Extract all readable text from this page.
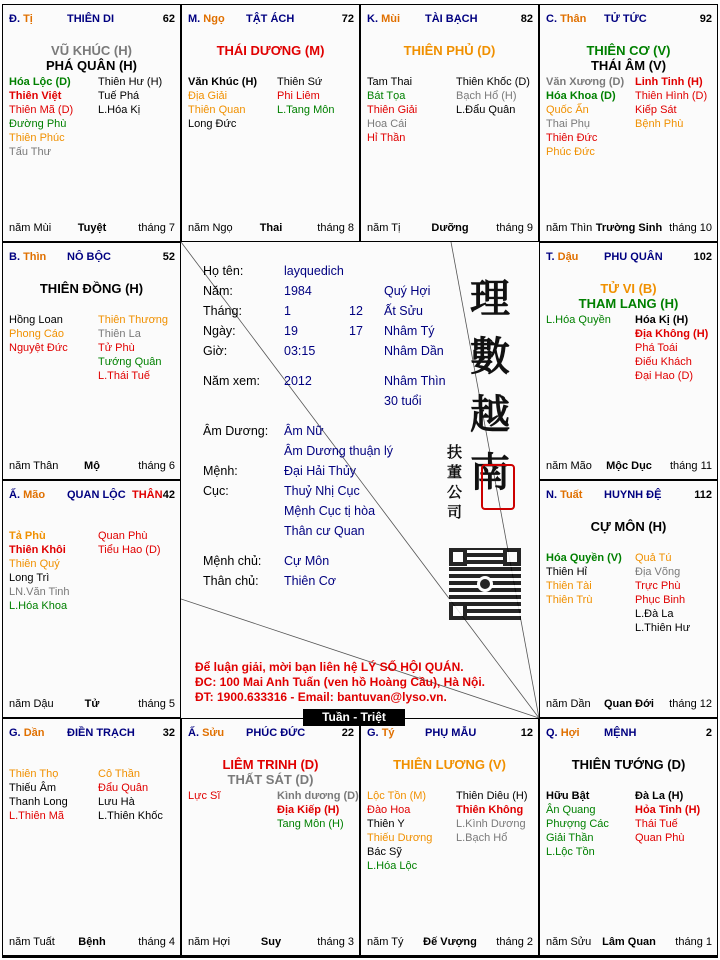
Đ. Tị	THIÊN DI	62
VŨ KHÚC (H)
PHÁ QUÂN (H)
Hóa Lộc (D)
Thiên Việt
Thiên Mã (D)
Đường Phù
Thiên Phúc
Tấu Thư
Thiên Hư (H)
Tuế Phá
L.Hóa Kị
năm Mùi	Tuyệt	tháng 7
M. Ngọ TẬT ÁCH	72
THÁI DƯƠNG (M)
Văn Khúc (H)
Địa Giải
Thiên Quan
Long Đức
Thiên Sứ
Phi Liêm
L.Tang Môn
năm Ngọ	Thai	tháng 8
K. Mùi TÀI BẠCH	82
THIÊN PHỦ (D)
Tam Thai
Bát Tọa
Thiên Giải
Hoa Cái
Hỉ Thần
Thiên Khốc (D)
Bạch Hổ (H)
L.Đẩu Quân
năm Tị	Dưỡng	tháng 9
C. Thân TỬ TỨC	92
THIÊN CƠ (V)
THÁI ÂM (V)
Văn Xương (D)
Hóa Khoa (D)
Quốc Ấn
Thai Phụ
Thiên Đức
Phúc Đức
Linh Tinh (H)
Thiên Hình (D)
Kiếp Sát
Bệnh Phù
năm Thìn Trường Sinh tháng 10
B. Thìn NÔ BỘC	52
THIÊN ĐỒNG (H)
Hồng Loan
Phong Cáo
Nguyệt Đức
Thiên Thương
Thiên La
Tử Phù
Tướng Quân
L.Thái Tuế
năm Thân	Mộ	tháng 6
T. Dậu PHU QUÂN	102
TỬ VI (B)
THAM LANG (H)
L.Hóa Quyền Hóa Kị (H)
Địa Không (H)
Phá Toái
Điếu Khách
Đại Hao (D)
năm Mão	Mộc Dục	tháng 11
Ấ. Mão QUAN LỘC THÂN 42
Tả Phù
Thiên Khôi
Thiên Quý
Long Trì
LN.Văn Tinh
L.Hóa Khoa
Quan Phù
Tiểu Hao (D)
năm Dậu	Tử	tháng 5
N. Tuất HUYNH ĐỆ	112
CỰ MÔN (H)
Hóa Quyền (V)
Thiên Hỉ
Thiên Tài
Thiên Trù
Quả Tú
Địa Võng
Trực Phù
Phục Binh
L.Đà La
L.Thiên Hư
năm Dần	Quan Đới	tháng 12
G. Dần ĐIỀN TRẠCH	32
Thiên Thọ
Thiếu Âm
Thanh Long
L.Thiên Mã
Cô Thần
Đẩu Quân
Lưu Hà
L.Thiên Khốc
năm Tuất	Bệnh	tháng 4
Ấ. Sửu PHÚC ĐỨC	22
LIÊM TRINH (D)
THẤT SÁT (D)
Lực Sĩ	Kình dương (D)
Địa Kiếp (H)
Tang Môn (H)
năm Hợi	Suy	tháng 3
G. Tý	PHỤ MẪU	12
THIÊN LƯƠNG (V)
Lộc Tồn (M)
Đào Hoa
Thiên Y
Thiếu Dương
Bác Sỹ
L.Hóa Lộc
Thiên Diêu (H)
Thiên Không
L.Kình Dương
L.Bạch Hổ
năm Tý	Đế Vượng	tháng 2
Q. Hợi MỆNH	2
THIÊN TƯỚNG (D)
Hữu Bật
Ân Quang
Phượng Các
Giải Thần
L.Lộc Tồn
Đà La (H)
Hỏa Tinh (H)
Thái Tuế
Quan Phù
năm Sửu Lâm Quan	tháng 1
Họ tên:	layquedich
Năm:	1984	Quý Hợi
Tháng:	1	12 Ất Sửu
Ngày:	19	17 Nhâm Tý
Giờ:	03:15	Nhâm Dần
Năm xem: 2012	Nhâm Thìn
30 tuổi
Âm Dương: Âm Nữ
Âm Dương thuận lý
Mệnh:	Đại Hải Thủy
Cục:	Thuỷ Nhị Cục
Mệnh Cục tị hòa
Thân cư Quan
Mệnh chủ: Cự Môn
Thân chủ: Thiên Cơ
理
數
越
南
扶
董
公
司
Để luận giải, mời bạn liên hệ LÝ SỐ HỘI QUÁN.
ĐC: 100 Mai Anh Tuấn (ven hồ Hoàng Cầu), Hà Nội.
ĐT: 1900.633316 - Email: bantuvan@lyso.vn.
Tuần - Triệt
